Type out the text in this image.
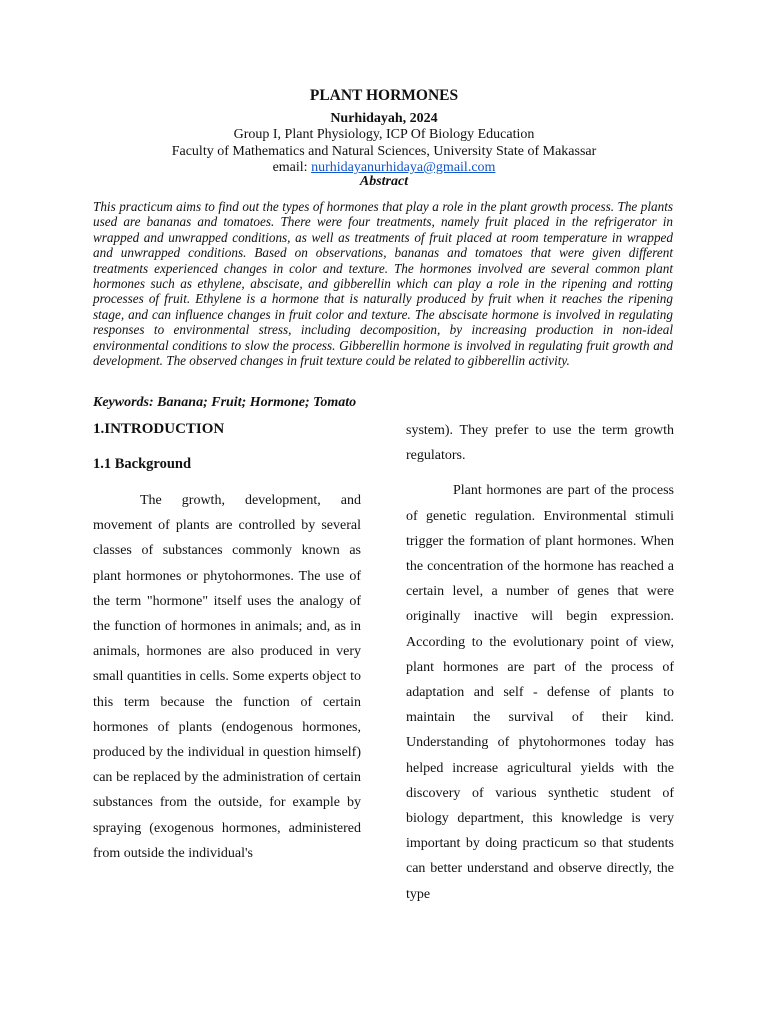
PLANT HORMONES
Nurhidayah, 2024
Group I, Plant Physiology, ICP Of Biology Education
Faculty of Mathematics and Natural Sciences, University State of Makassar
email: nurhidayanurhidaya@gmail.com
Abstract

This practicum aims to find out the types of hormones that play a role in the plant growth process. The plants used are bananas and tomatoes. There were four treatments, namely fruit placed in the refrigerator in wrapped and unwrapped conditions, as well as treatments of fruit placed at room temperature in wrapped and unwrapped conditions. Based on observations, bananas and tomatoes that were given different treatments experienced changes in color and texture. The hormones involved are several common plant hormones such as ethylene, abscisate, and gibberellin which can play a role in the ripening and rotting processes of fruit. Ethylene is a hormone that is naturally produced by fruit when it reaches the ripening stage, and can influence changes in fruit color and texture. The abscisate hormone is involved in regulating responses to environmental stress, including decomposition, by increasing production in non-ideal environmental conditions to slow the process. Gibberellin hormone is involved in regulating fruit growth and development. The observed changes in fruit texture could be related to gibberellin activity.

Keywords: Banana; Fruit; Hormone; Tomato

1.INTRODUCTION
1.1 Background

The growth, development, and movement of plants are controlled by several classes of substances commonly known as plant hormones or phytohormones. The use of the term "hormone" itself uses the analogy of the function of hormones in animals; and, as in animals, hormones are also produced in very small quantities in cells. Some experts object to this term because the function of certain hormones of plants (endogenous hormones, produced by the individual in question himself) can be replaced by the administration of certain substances from the outside, for example by spraying (exogenous hormones, administered from outside the individual's

system). They prefer to use the term growth regulators.

Plant hormones are part of the process of genetic regulation. Environmental stimuli trigger the formation of plant hormones. When the concentration of the hormone has reached a certain level, a number of genes that were originally inactive will begin expression. According to the evolutionary point of view, plant hormones are part of the process of adaptation and self - defense of plants to maintain the survival of their kind. Understanding of phytohormones today has helped increase agricultural yields with the discovery of various synthetic student of biology department, this knowledge is very important by doing practicum so that students can better understand and observe directly, the type
